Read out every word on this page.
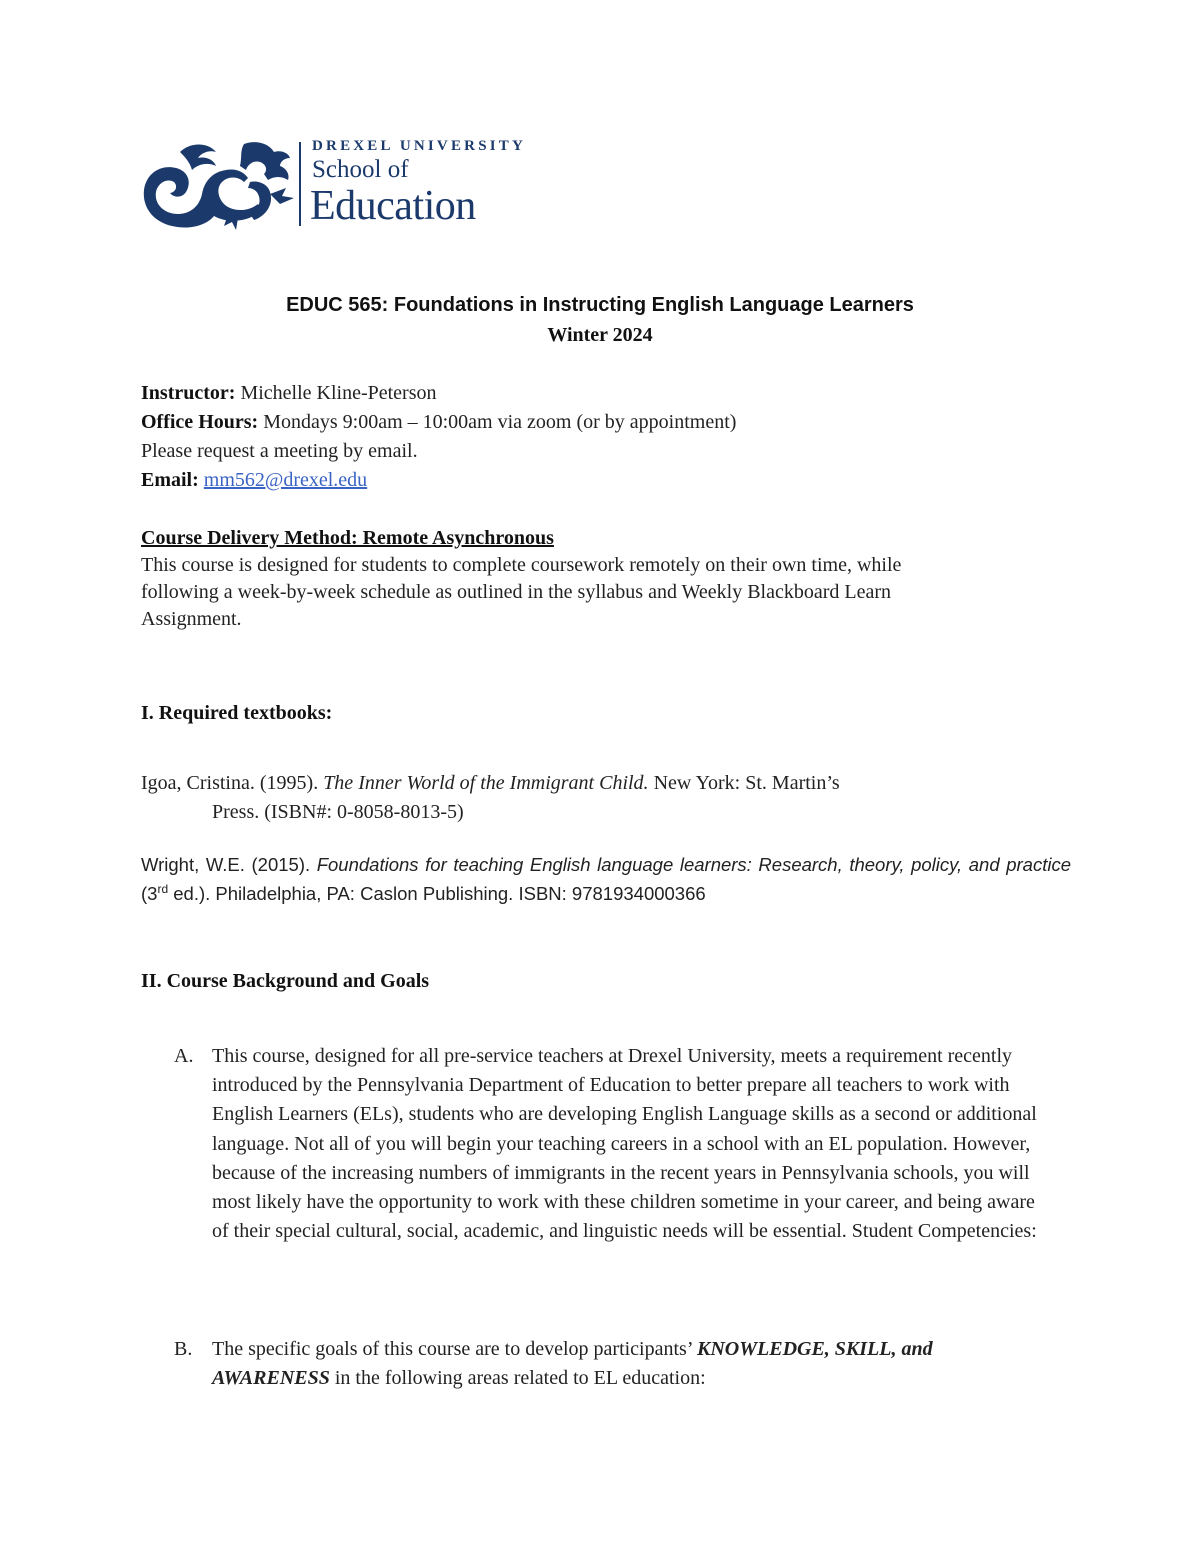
DREXEL UNIVERSITY
School of
Education
EDUC 565: Foundations in Instructing English Language Learners
Winter 2024
Instructor: Michelle Kline-Peterson
Office Hours: Mondays 9:00am – 10:00am via zoom (or by appointment)
Please request a meeting by email.
Email: mm562@drexel.edu
Course Delivery Method: Remote Asynchronous
This course is designed for students to complete coursework remotely on their own time, while
following a week-by-week schedule as outlined in the syllabus and Weekly Blackboard Learn
Assignment.
I. Required textbooks:
Igoa, Cristina. (1995). The Inner World of the Immigrant Child. New York: St. Martin’s
Press. (ISBN#: 0-8058-8013-5)
Wright, W.E. (2015). Foundations for teaching English language learners: Research, theory, policy, and practice (3rd ed.). Philadelphia, PA: Caslon Publishing. ISBN: 9781934000366
II. Course Background and Goals
A. This course, designed for all pre-service teachers at Drexel University, meets a requirement recently introduced by the Pennsylvania Department of Education to better prepare all teachers to work with English Learners (ELs), students who are developing English Language skills as a second or additional language. Not all of you will begin your teaching careers in a school with an EL population. However, because of the increasing numbers of immigrants in the recent years in Pennsylvania schools, you will most likely have the opportunity to work with these children sometime in your career, and being aware of their special cultural, social, academic, and linguistic needs will be essential. Student Competencies:
B. The specific goals of this course are to develop participants’ KNOWLEDGE, SKILL, and AWARENESS in the following areas related to EL education:
